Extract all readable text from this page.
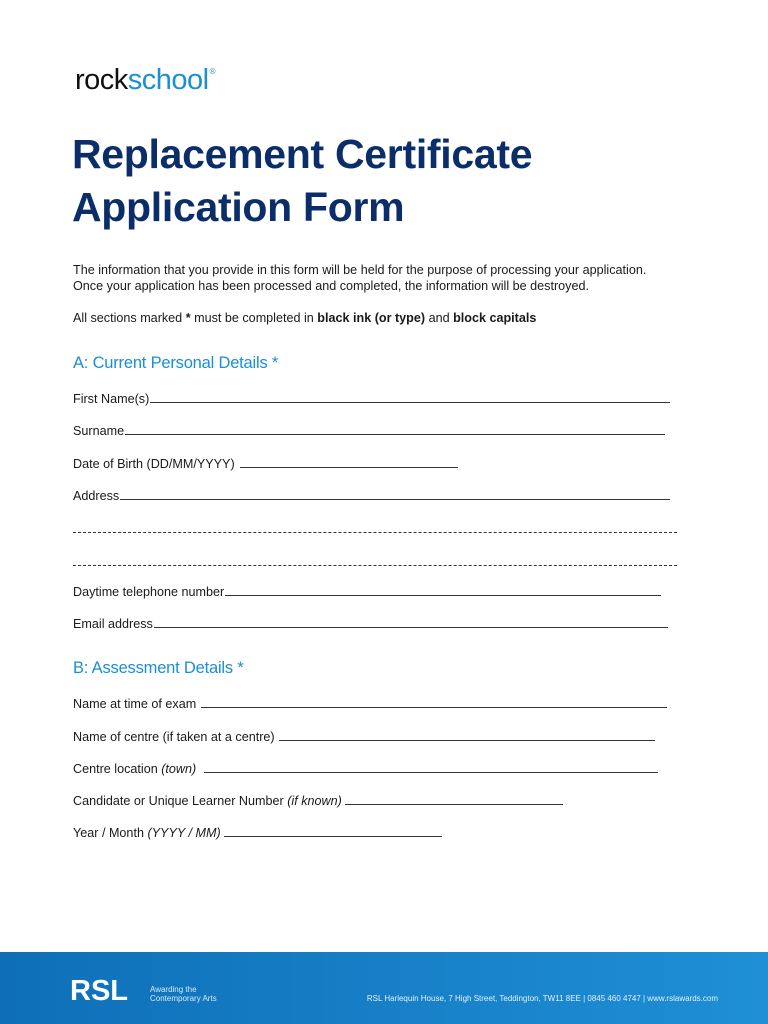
rockschool®
Replacement Certificate
Application Form

The information that you provide in this form will be held for the purpose of processing your application.

Once your application has been processed and completed, the information will be destroyed.

All sections marked * must be completed in black ink (or type) and block capitals
A: Current Personal Details *
First Name(s)
Surname
Date of Birth (DD/MM/YYYY)
Address
Daytime telephone number
Email address
B: Assessment Details *
Name at time of exam
Name of centre (if taken at a centre)
Centre location (town)
Candidate or Unique Learner Number (if known)
Year / Month (YYYY / MM)
RSL	Awarding the
Contemporary Arts	RSL Harlequin House, 7 High Street, Teddington, TW11 8EE | 0845 460 4747 | www.rslawards.com
